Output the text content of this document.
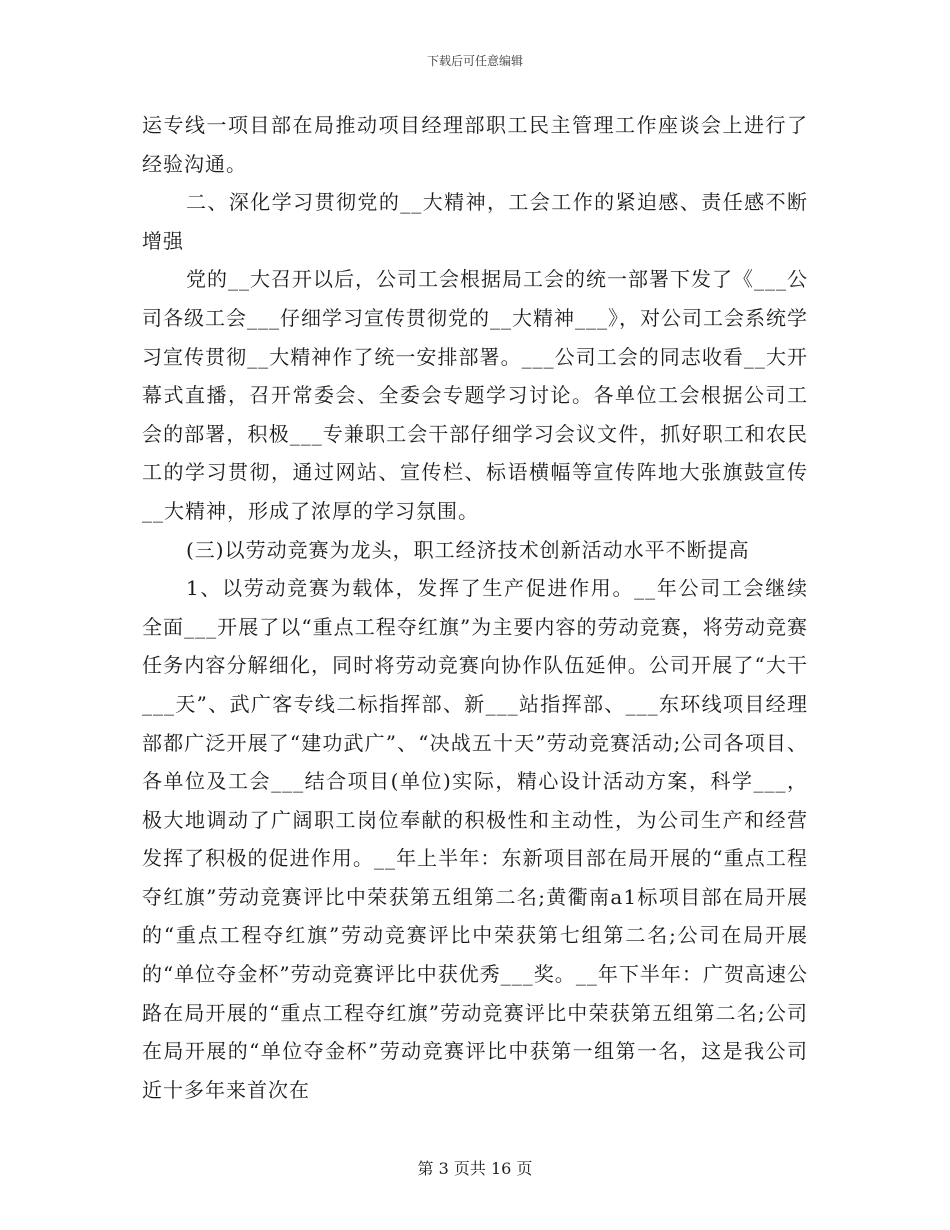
下载后可任意编辑

运专线一项目部在局推动项目经理部职工民主管理工作座谈会上进行了经验沟通。

二、深化学习贯彻党的__大精神，工会工作的紧迫感、责任感不断增强

党的__大召开以后，公司工会根据局工会的统一部署下发了《___公司各级工会___仔细学习宣传贯彻党的__大精神___》，对公司工会系统学习宣传贯彻__大精神作了统一安排部署。___公司工会的同志收看__大开幕式直播，召开常委会、全委会专题学习讨论。各单位工会根据公司工会的部署，积极___专兼职工会干部仔细学习会议文件，抓好职工和农民工的学习贯彻，通过网站、宣传栏、标语横幅等宣传阵地大张旗鼓宣传__大精神，形成了浓厚的学习氛围。

(三)以劳动竞赛为龙头，职工经济技术创新活动水平不断提高

1、以劳动竞赛为载体，发挥了生产促进作用。__年公司工会继续全面___开展了以“重点工程夺红旗”为主要内容的劳动竞赛，将劳动竞赛任务内容分解细化，同时将劳动竞赛向协作队伍延伸。公司开展了“大干___天”、武广客专线二标指挥部、新___站指挥部、___东环线项目经理部都广泛开展了“建功武广”、“决战五十天”劳动竞赛活动;公司各项目、各单位及工会___结合项目(单位)实际，精心设计活动方案，科学___，极大地调动了广阔职工岗位奉献的积极性和主动性，为公司生产和经营发挥了积极的促进作用。__年上半年：东新项目部在局开展的“重点工程夺红旗”劳动竞赛评比中荣获第五组第二名;黄衢南a1标项目部在局开展的“重点工程夺红旗”劳动竞赛评比中荣获第七组第二名;公司在局开展的“单位夺金杯”劳动竞赛评比中获优秀___奖。__年下半年：广贺高速公路在局开展的“重点工程夺红旗”劳动竞赛评比中荣获第五组第二名;公司在局开展的“单位夺金杯”劳动竞赛评比中获第一组第一名，这是我公司近十多年来首次在

第 3 页共 16 页
